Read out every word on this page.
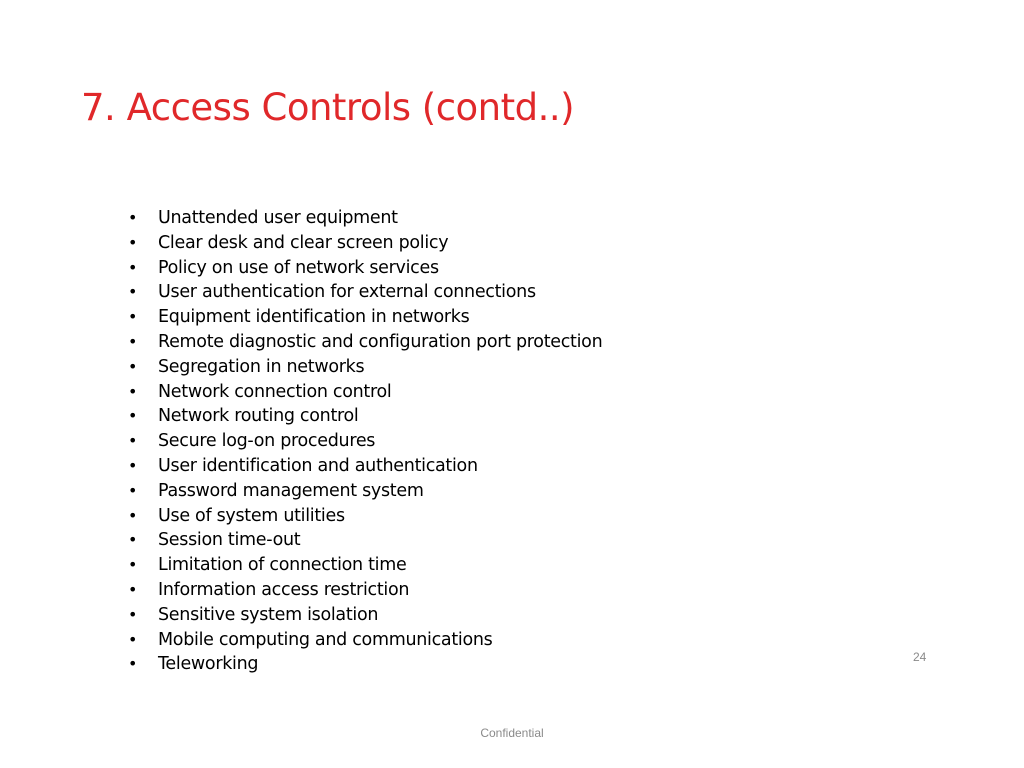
7. Access Controls (contd..)
• Unattended user equipment
• Clear desk and clear screen policy
• Policy on use of network services
• User authentication for external connections
• Equipment identification in networks
• Remote diagnostic and configuration port protection
• Segregation in networks
• Network connection control
• Network routing control
• Secure log-on procedures
• User identification and authentication
• Password management system
• Use of system utilities
• Session time-out
• Limitation of connection time
• Information access restriction
• Sensitive system isolation
• Mobile computing and communications
• Teleworking	24
Confidential
